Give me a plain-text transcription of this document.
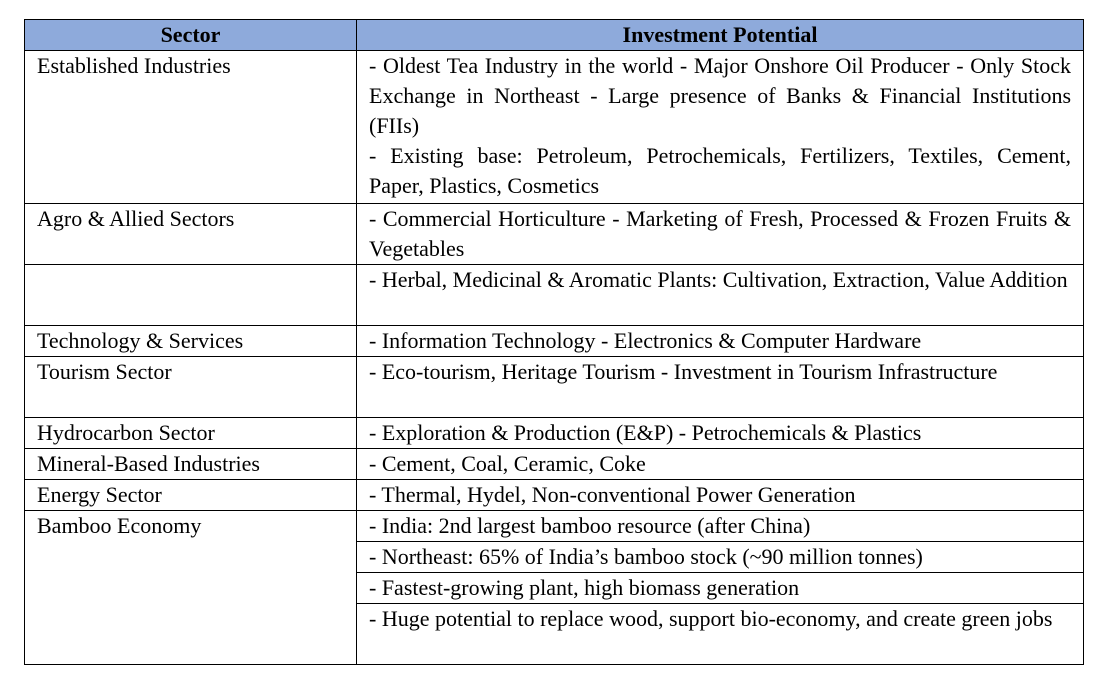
Sector	Investment Potential
Established Industries	- Oldest Tea Industry in the world - Major Onshore Oil Producer - Only Stock Exchange in Northeast - Large presence of Banks & Financial Institutions (FIIs)

- Existing base: Petroleum, Petrochemicals, Fertilizers, Textiles, Cement, Paper, Plastics, Cosmetics

Agro & Allied Sectors	- Commercial Horticulture - Marketing of Fresh, Processed & Frozen Fruits & Vegetables

	- Herbal, Medicinal & Aromatic Plants: Cultivation, Extraction, Value Addition

Technology & Services	- Information Technology - Electronics & Computer Hardware
Tourism Sector	- Eco-tourism, Heritage Tourism - Investment in Tourism Infrastructure

Hydrocarbon Sector	- Exploration & Production (E&P) - Petrochemicals & Plastics
Mineral-Based Industries	- Cement, Coal, Ceramic, Coke
Energy Sector	- Thermal, Hydel, Non-conventional Power Generation
Bamboo Economy	- India: 2nd largest bamboo resource (after China)
	- Northeast: 65% of India’s bamboo stock (~90 million tonnes)
	- Fastest-growing plant, high biomass generation

	- Huge potential to replace wood, support bio-economy, and create green jobs
